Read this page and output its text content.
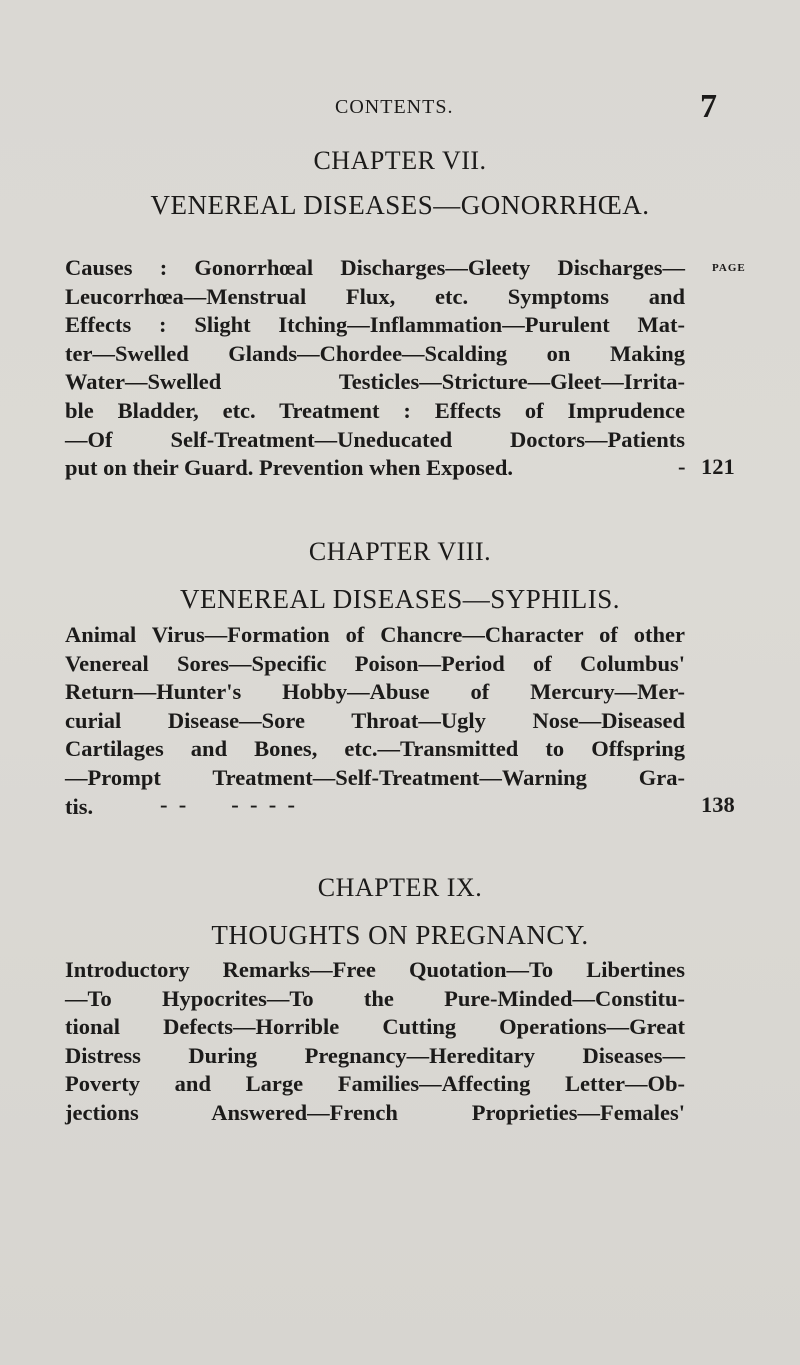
CONTENTS.	7
CHAPTER VII.
VENEREAL DISEASES—GONORRHŒA.
PAGE
Causes : Gonorrhœal Discharges—Gleety Discharges—
Leucorrhœa—Menstrual Flux, etc. Symptoms and
Effects : Slight Itching—Inflammation—Purulent Mat-
ter—Swelled Glands—Chordee—Scalding on Making
Water—Swelled Testicles—Stricture—Gleet—Irrita-
ble Bladder, etc. Treatment : Effects of Imprudence
—Of Self-Treatment—Uneducated Doctors—Patients
put on their Guard. Prevention when Exposed.	- 121
CHAPTER VIII.
VENEREAL DISEASES—SYPHILIS.
Animal Virus—Formation of Chancre—Character of other
Venereal Sores—Specific Poison—Period of Columbus'
Return—Hunter's Hobby—Abuse of Mercury—Mer-
curial Disease—Sore Throat—Ugly Nose—Diseased
Cartilages and Bones, etc.—Transmitted to Offspring
—Prompt Treatment—Self-Treatment—Warning Gra-
tis.	-  -        -  -  -  -	138
CHAPTER IX.
THOUGHTS ON PREGNANCY.
Introductory Remarks—Free Quotation—To Libertines
—To Hypocrites—To the Pure-Minded—Constitu-
tional Defects—Horrible Cutting Operations—Great
Distress During Pregnancy—Hereditary Diseases—
Poverty and Large Families—Affecting Letter—Ob-
jections Answered—French Proprieties—Females'
